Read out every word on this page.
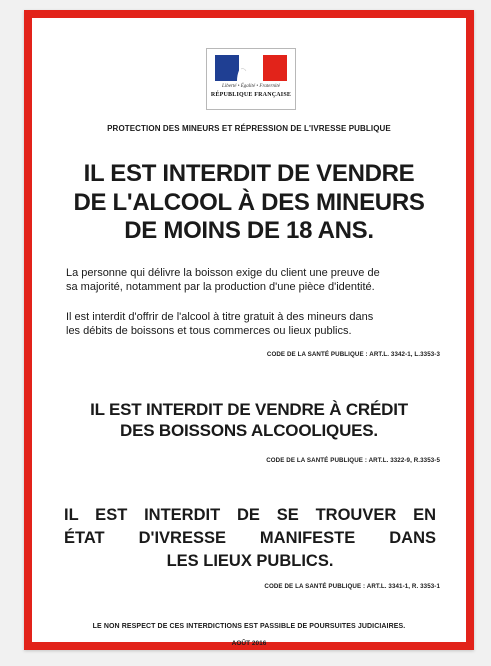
Liberté • Égalité • Fraternité
RÉPUBLIQUE FRANÇAISE
PROTECTION DES MINEURS ET RÉPRESSION DE L'IVRESSE PUBLIQUE
IL EST INTERDIT DE VENDRE
DE L'ALCOOL À DES MINEURS
DE MOINS DE 18 ANS.
La personne qui délivre la boisson exige du client une preuve de
sa majorité, notamment par la production d'une pièce d'identité.
Il est interdit d'offrir de l'alcool à titre gratuit à des mineurs dans
les débits de boissons et tous commerces ou lieux publics.
CODE DE LA SANTÉ PUBLIQUE : ART.L. 3342-1, L.3353-3
IL EST INTERDIT DE VENDRE À CRÉDIT
DES BOISSONS ALCOOLIQUES.
CODE DE LA SANTÉ PUBLIQUE : ART.L. 3322-9, R.3353-5
IL EST INTERDIT DE SE TROUVER EN
ÉTAT D'IVRESSE MANIFESTE DANS
LES LIEUX PUBLICS.
CODE DE LA SANTÉ PUBLIQUE : ART.L. 3341-1, R. 3353-1
LE NON RESPECT DE CES INTERDICTIONS EST PASSIBLE DE POURSUITES JUDICIAIRES.
AOÛT 2016
